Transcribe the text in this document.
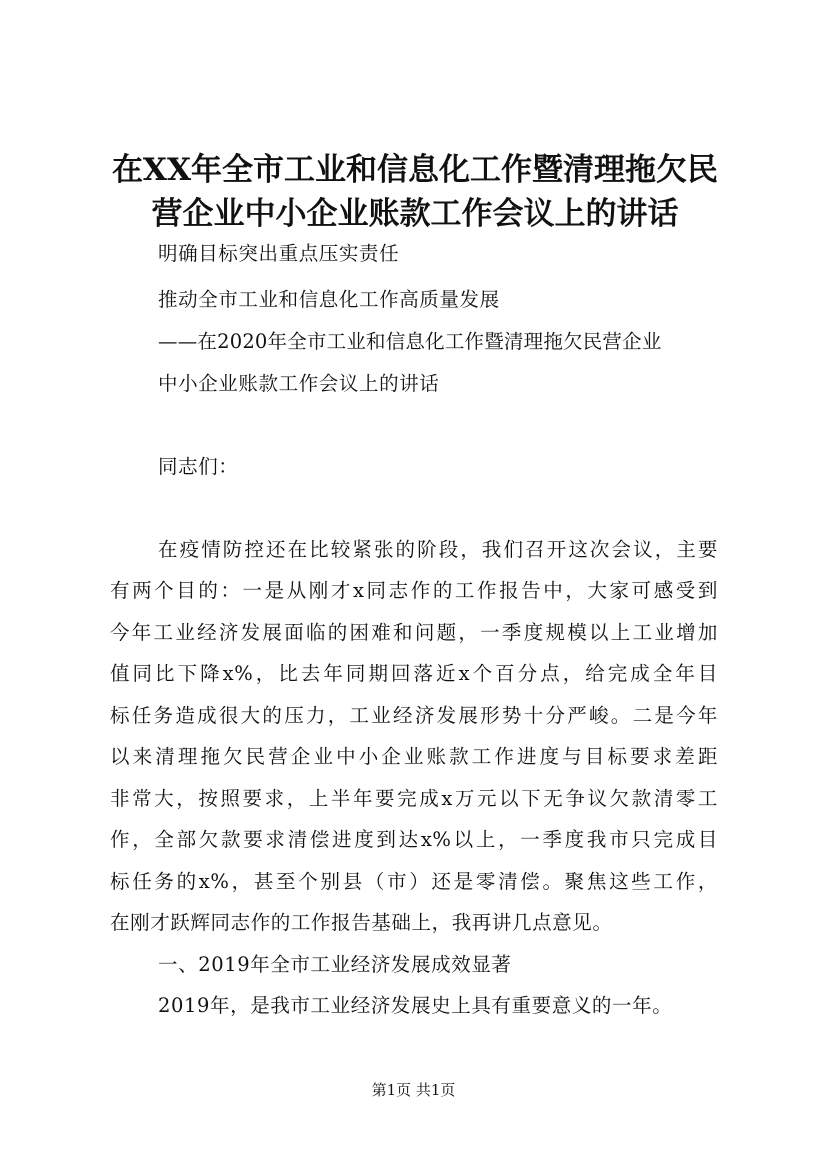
在XX年全市工业和信息化工作暨清理拖欠民
营企业中小企业账款工作会议上的讲话
明确目标突出重点压实责任
推动全市工业和信息化工作高质量发展
——在2020年全市工业和信息化工作暨清理拖欠民营企业
中小企业账款工作会议上的讲话
同志们：
在疫情防控还在比较紧张的阶段，我们召开这次会议，主要
有两个目的：一是从刚才x同志作的工作报告中，大家可感受到
今年工业经济发展面临的困难和问题，一季度规模以上工业增加
值同比下降x%，比去年同期回落近x个百分点，给完成全年目
标任务造成很大的压力，工业经济发展形势十分严峻。二是今年
以来清理拖欠民营企业中小企业账款工作进度与目标要求差距
非常大，按照要求，上半年要完成x万元以下无争议欠款清零工
作，全部欠款要求清偿进度到达x%以上，一季度我市只完成目
标任务的x%，甚至个别县（市）还是零清偿。聚焦这些工作，
在刚才跃辉同志作的工作报告基础上，我再讲几点意见。
一、2019年全市工业经济发展成效显著
2019年，是我市工业经济发展史上具有重要意义的一年。
第1页 共1页
